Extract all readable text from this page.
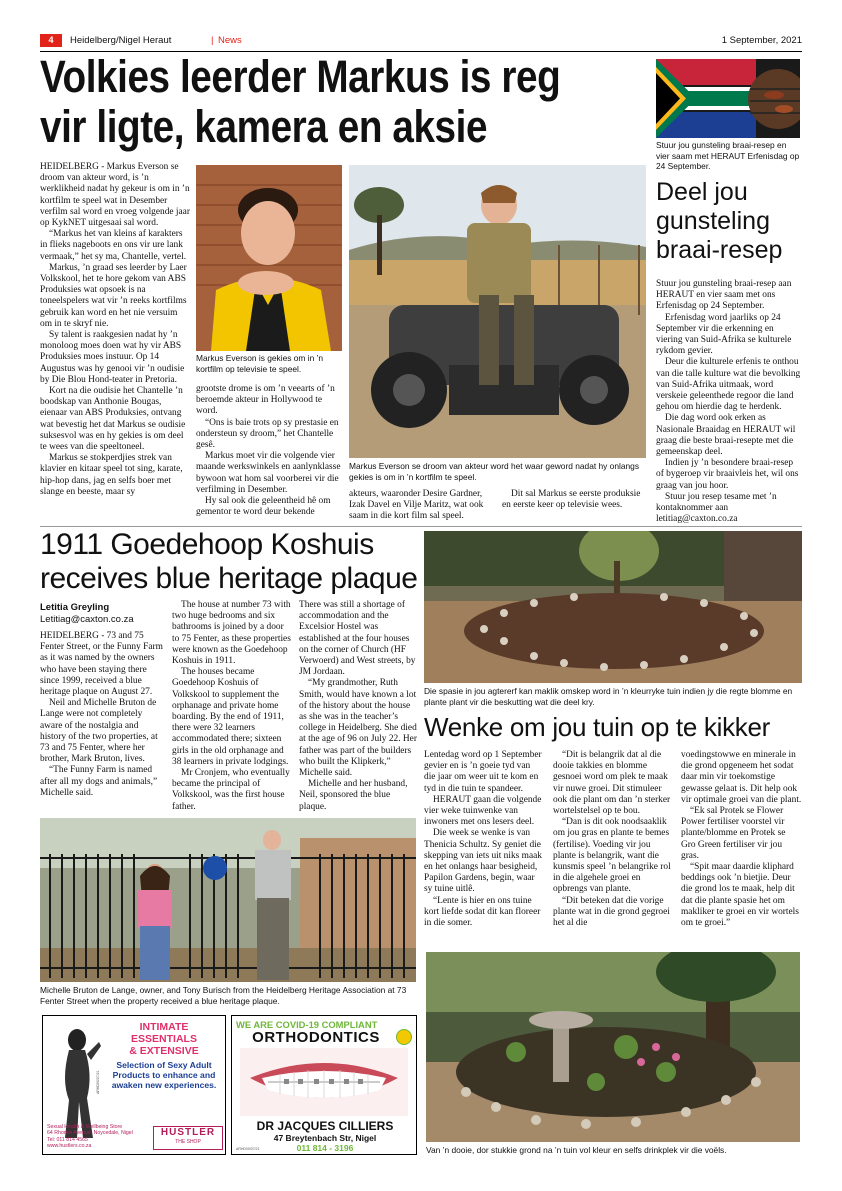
4	Heidelberg/Nigel Heraut	| News	1 September, 2021
Volkies leerder Markus is reg
vir ligte, kamera en aksie

HEIDELBERG - Markus Everson se droom van akteur word, is ’n werklikheid nadat hy gekeur is om in ’n kortfilm te speel wat in Desember verfilm sal word en vroeg volgende jaar op KykNET uitgesaai sal word.

“Markus het van kleins af karakters in flieks nageboots en ons vir ure lank vermaak,” het sy ma, Chantelle, vertel.

Markus, ’n graad ses leerder by Laer Volkskool, het te hore gekom van ABS Produksies wat opsoek is na toneelspelers wat vir ’n reeks kortfilms gebruik kan word en het nie versuim om in te skryf nie.

Sy talent is raakgesien nadat hy ’n monoloog moes doen wat hy vir ABS Produksies moes instuur. Op 14 Augustus was hy genooi vir ’n oudisie by Die Blou Hond-teater in Pretoria.

Kort na die oudisie het Chantelle ’n boodskap van Anthonie Bougas, eienaar van ABS Produksies, ontvang wat bevestig het dat Markus se oudisie suksesvol was en hy gekies is om deel te wees van die speeltoneel.

Markus se stokperdjies strek van klavier en kitaar speel tot sing, karate, hip-hop dans, jag en selfs boer met slange en beeste, maar sy

Markus Everson is gekies om in ’n kortfilm op televisie te speel.

grootste drome is om ’n veearts of ’n beroemde akteur in Hollywood te word.

“Ons is baie trots op sy prestasie en ondersteun sy droom,” het Chantelle gesê.

Markus moet vir die volgende vier maande werkswinkels en aanlynklasse bywoon wat hom sal voorberei vir die verfilming in Desember.

Hy sal ook die geleentheid hê om gementor te word deur bekende

Markus Everson se droom van akteur word het waar geword nadat hy onlangs gekies is om in ’n kortfilm te speel.

akteurs, waaronder Desire Gardner, Izak Davel en Vilje Maritz, wat ook saam in die kort film sal speel.

Dit sal Markus se eerste produksie en eerste keer op televisie wees.

Stuur jou gunsteling braai-resep en vier saam met HERAUT Erfenisdag op 24 September.
Deel jou gunsteling braai-resep

Stuur jou gunsteling braai-resep aan HERAUT en vier saam met ons Erfenisdag op 24 September.

Erfenisdag word jaarliks op 24 September vir die erkenning en viering van Suid-Afrika se kulturele rykdom gevier.

Deur die kulturele erfenis te onthou van die talle kulture wat die bevolking van Suid-Afrika uitmaak, word verskeie geleenthede regoor die land gehou om hierdie dag te herdenk.

Die dag word ook erken as Nasionale Braaidag en HERAUT wil graag die beste braai-resepte met die gemeenskap deel.

Indien jy ’n besondere braai-resep of bygeroep vir braaivleis het, wil ons graag van jou hoor.

Stuur jou resep tesame met ’n kontaknommer aan letitiag@caxton.co.za

1911 Goedehoop Koshuis
receives blue heritage plaque
Letitia Greyling
Letitiag@caxton.co.za

HEIDELBERG - 73 and 75 Fenter Street, or the Funny Farm as it was named by the owners who have been staying there since 1999, received a blue heritage plaque on August 27.

Neil and Michelle Bruton de Lange were not completely aware of the nostalgia and history of the two properties, at 73 and 75 Fenter, where her brother, Mark Bruton, lives.

“The Funny Farm is named after all my dogs and animals,” Michelle said.

The house at number 73 with two huge bedrooms and six bathrooms is joined by a door to 75 Fenter, as these properties were known as the Goedehoop Koshuis in 1911.

The houses became Goedehoop Koshuis of Volkskool to supplement the orphanage and private home boarding. By the end of 1911, there were 32 learners accommodated there; sixteen girls in the old orphanage and 38 learners in private lodgings.

Mr Cronjem, who eventually became the principal of Volkskool, was the first house father.

There was still a shortage of accommodation and the Excelsior Hostel was established at the four houses on the corner of Church (HF Verwoerd) and West streets, by JM Jordaan.

“My grandmother, Ruth Smith, would have known a lot of the history about the house as she was in the teacher’s college in Heidelberg. She died at the age of 96 on July 22. Her father was part of the builders who built the Klipkerk,” Michelle said.

Michelle and her husband, Neil, sponsored the blue plaque.

Michelle Bruton de Lange, owner, and Tony Burisch from the Heidelberg Heritage Association at 73 Fenter Street when the property received a blue heritage plaque.
Die spasie in jou agtererf kan maklik omskep word in ’n kleurryke tuin indien jy die regte blomme en plante plant vir die beskutting wat die deel kry.
Wenke om jou tuin op te kikker

Lentedag word op 1 September gevier en is ’n goeie tyd van die jaar om weer uit te kom en tyd in die tuin te spandeer.

HERAUT gaan die volgende vier weke tuinwenke van inwoners met ons lesers deel.

Die week se wenke is van Thenicia Schultz. Sy geniet die skepping van iets uit niks maak en het onlangs haar besigheid, Papilon Gardens, begin, waar sy tuine uitlê.

“Lente is hier en ons tuine kort liefde sodat dit kan floreer in die somer.

“Dit is belangrik dat al die dooie takkies en blomme gesnoei word om plek te maak vir nuwe groei. Dit stimuleer ook die plant om dan ’n sterker wortelstelsel op te bou.

“Dan is dit ook noodsaaklik om jou gras en plante te bemes (fertilise). Voeding vir jou plante is belangrik, want die kunsmis speel ’n belangrike rol in die algehele groei en opbrengs van plante.

“Dit beteken dat die vorige plante wat in die grond gegroei het al die

voedingstowwe en minerale in die grond opgeneem het sodat daar min vir toekomstige gewasse gelaat is. Dit help ook vir optimale groei van die plant.

“Ek sal Protek se Flower Power fertiliser voorstel vir plante/blomme en Protek se Gro Green fertiliser vir jou gras.

“Spit maar daardie kliphard beddings ook ’n bietjie. Deur die grond los te maak, help dit dat die plante spasie het om makliker te groei en vir wortels om te groei.”

Van ’n dooie, dor stukkie grond na ’n tuin vol kleur en selfs drinkplek vir die voëls.
INTIMATE
ESSENTIALS
& EXTENSIVE
Selection of Sexy Adult Products to enhance and awaken new experiences.
Sexual Health & Wellbeing Store
64 Rhodes Avenue, Noycedale, Nigel
Tel: 011 814 4565
www.hustlers.co.za
HUSTLER
THE SHOP
ARHD00/07/21
WE ARE COVID-19 COMPLIANT
ORTHODONTICS
DR JACQUES CILLIERS
47 Breytenbach Str, Nigel
011 814 - 3196
ARHD00/07/21
